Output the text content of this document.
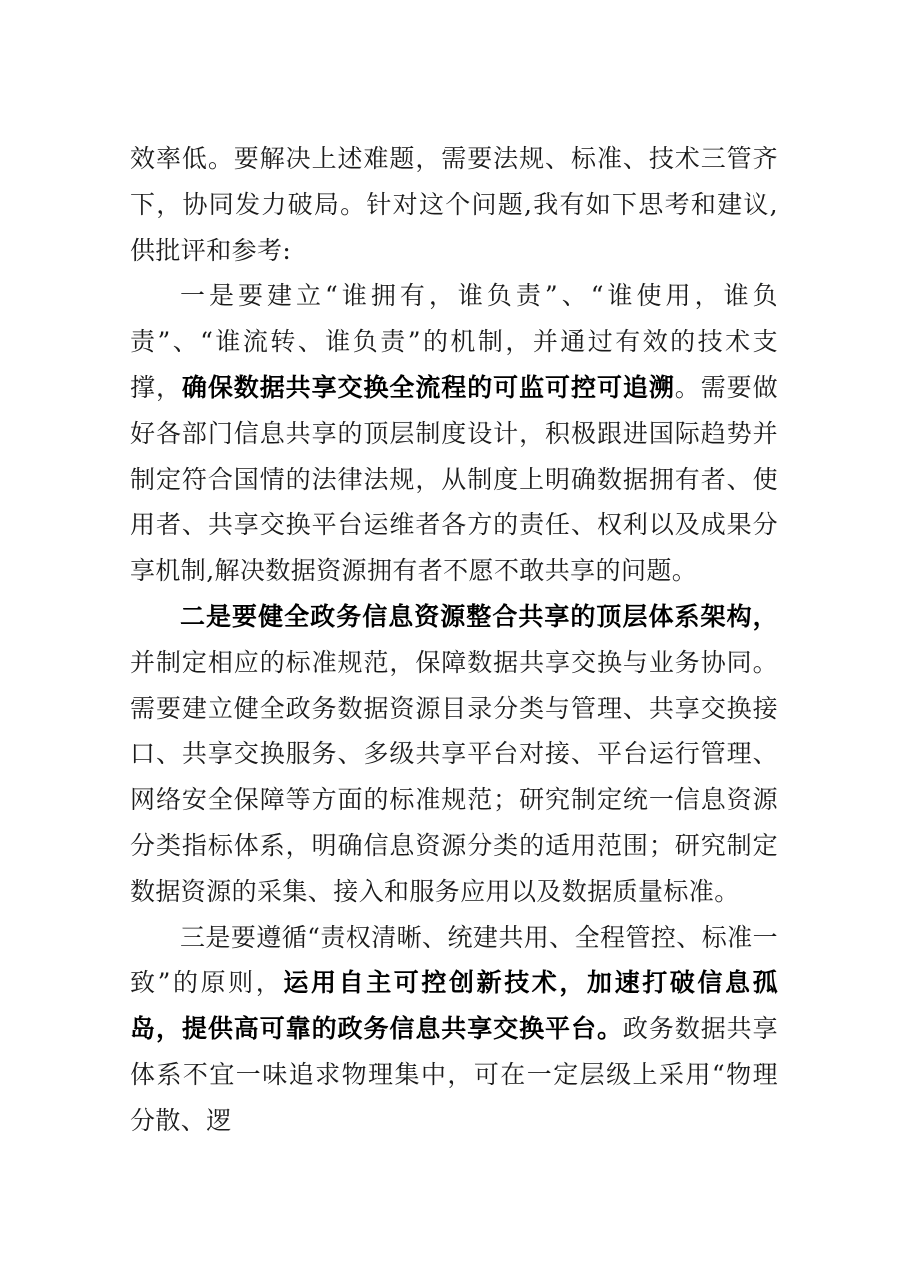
效率低。要解决上述难题，需要法规、标准、技术三管齐下，协同发力破局。针对这个问题,我有如下思考和建议,供批评和参考:

一是要建立“谁拥有，谁负责”、“谁使用，谁负责”、“谁流转、谁负责”的机制，并通过有效的技术支撑，确保数据共享交换全流程的可监可控可追溯。需要做好各部门信息共享的顶层制度设计，积极跟进国际趋势并制定符合国情的法律法规，从制度上明确数据拥有者、使用者、共享交换平台运维者各方的责任、权利以及成果分享机制,解决数据资源拥有者不愿不敢共享的问题。

二是要健全政务信息资源整合共享的顶层体系架构，并制定相应的标准规范，保障数据共享交换与业务协同。需要建立健全政务数据资源目录分类与管理、共享交换接口、共享交换服务、多级共享平台对接、平台运行管理、网络安全保障等方面的标准规范；研究制定统一信息资源分类指标体系，明确信息资源分类的适用范围；研究制定数据资源的采集、接入和服务应用以及数据质量标准。

三是要遵循“责权清晰、统建共用、全程管控、标准一致”的原则，运用自主可控创新技术，加速打破信息孤岛，提供高可靠的政务信息共享交换平台。政务数据共享体系不宜一味追求物理集中，可在一定层级上采用“物理分散、逻
